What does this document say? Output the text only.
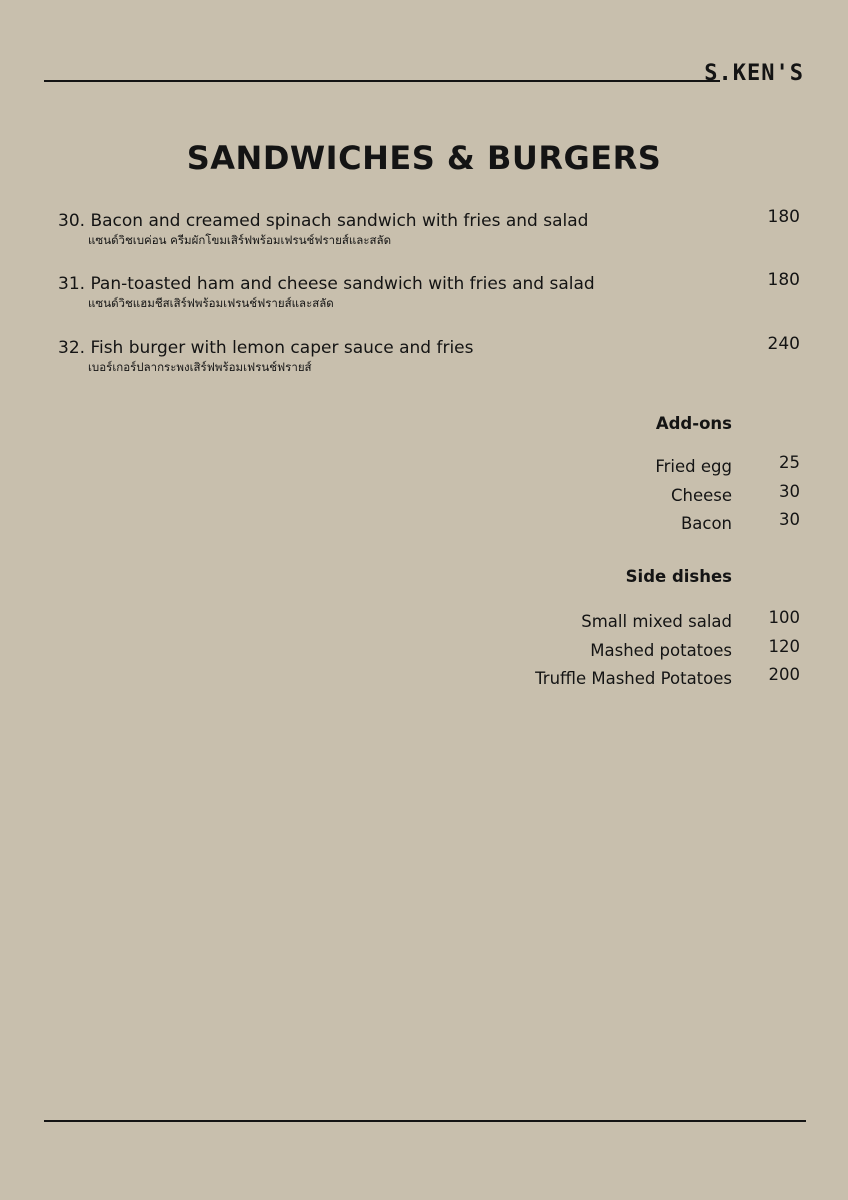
S.KEN'S
SANDWICHES & BURGERS
30. Bacon and creamed spinach sandwich with fries and salad
แซนด์วิชเบค่อน ครีมผักโขมเสิร์ฟพร้อมเฟรนช์ฟรายส์และสลัด
180
31. Pan-toasted ham and cheese sandwich with fries and salad
แซนด์วิชแฮมชีสเสิร์ฟพร้อมเฟรนช์ฟรายส์และสลัด
180
32. Fish burger with lemon caper sauce and fries
เบอร์เกอร์ปลากระพงเสิร์ฟพร้อมเฟรนช์ฟรายส์
240
Add-ons
Fried egg	25
Cheese	30
Bacon	30
Side dishes
Small mixed salad 100
Mashed potatoes 120
Truffle Mashed Potatoes 200
